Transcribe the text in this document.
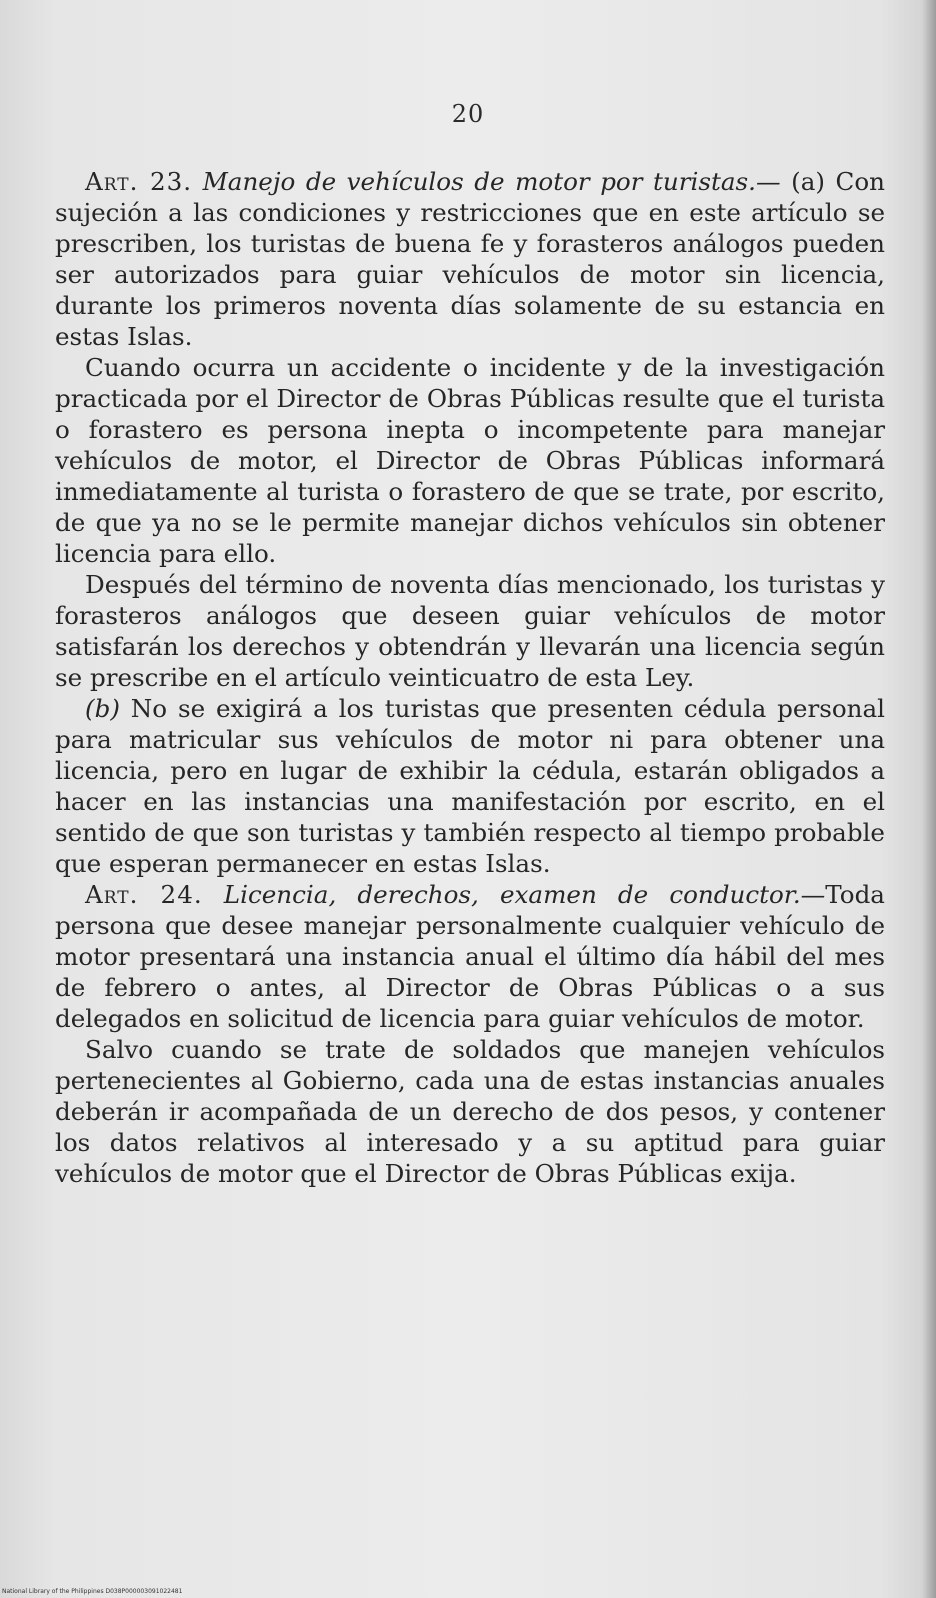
20

Art. 23. Manejo de vehículos de motor por turistas.— (a) Con sujeción a las condiciones y restricciones que en este artículo se prescriben, los turistas de buena fe y forasteros análogos pueden ser autorizados para guiar vehículos de motor sin licencia, durante los primeros noventa días solamente de su estancia en estas Islas.

Cuando ocurra un accidente o incidente y de la investigación practicada por el Director de Obras Públicas resulte que el turista o forastero es persona inepta o incompetente para manejar vehículos de motor, el Director de Obras Públicas informará inmediatamente al turista o forastero de que se trate, por escrito, de que ya no se le permite manejar dichos vehículos sin obtener licencia para ello.

Después del término de noventa días mencionado, los turistas y forasteros análogos que deseen guiar vehículos de motor satisfarán los derechos y obtendrán y llevarán una licencia según se prescribe en el artículo veinticuatro de esta Ley.

(b) No se exigirá a los turistas que presenten cédula personal para matricular sus vehículos de motor ni para obtener una licencia, pero en lugar de exhibir la cédula, estarán obligados a hacer en las instancias una manifestación por escrito, en el sentido de que son turistas y también respecto al tiempo probable que esperan permanecer en estas Islas.

Art. 24. Licencia, derechos, examen de conductor.—Toda persona que desee manejar personalmente cualquier vehículo de motor presentará una instancia anual el último día hábil del mes de febrero o antes, al Director de Obras Públicas o a sus delegados en solicitud de licencia para guiar vehículos de motor.

Salvo cuando se trate de soldados que manejen vehículos pertenecientes al Gobierno, cada una de estas instancias anuales deberán ir acompañada de un derecho de dos pesos, y contener los datos relativos al interesado y a su aptitud para guiar vehículos de motor que el Director de Obras Públicas exija.

National Library of the Philippines D038P000003091022481
